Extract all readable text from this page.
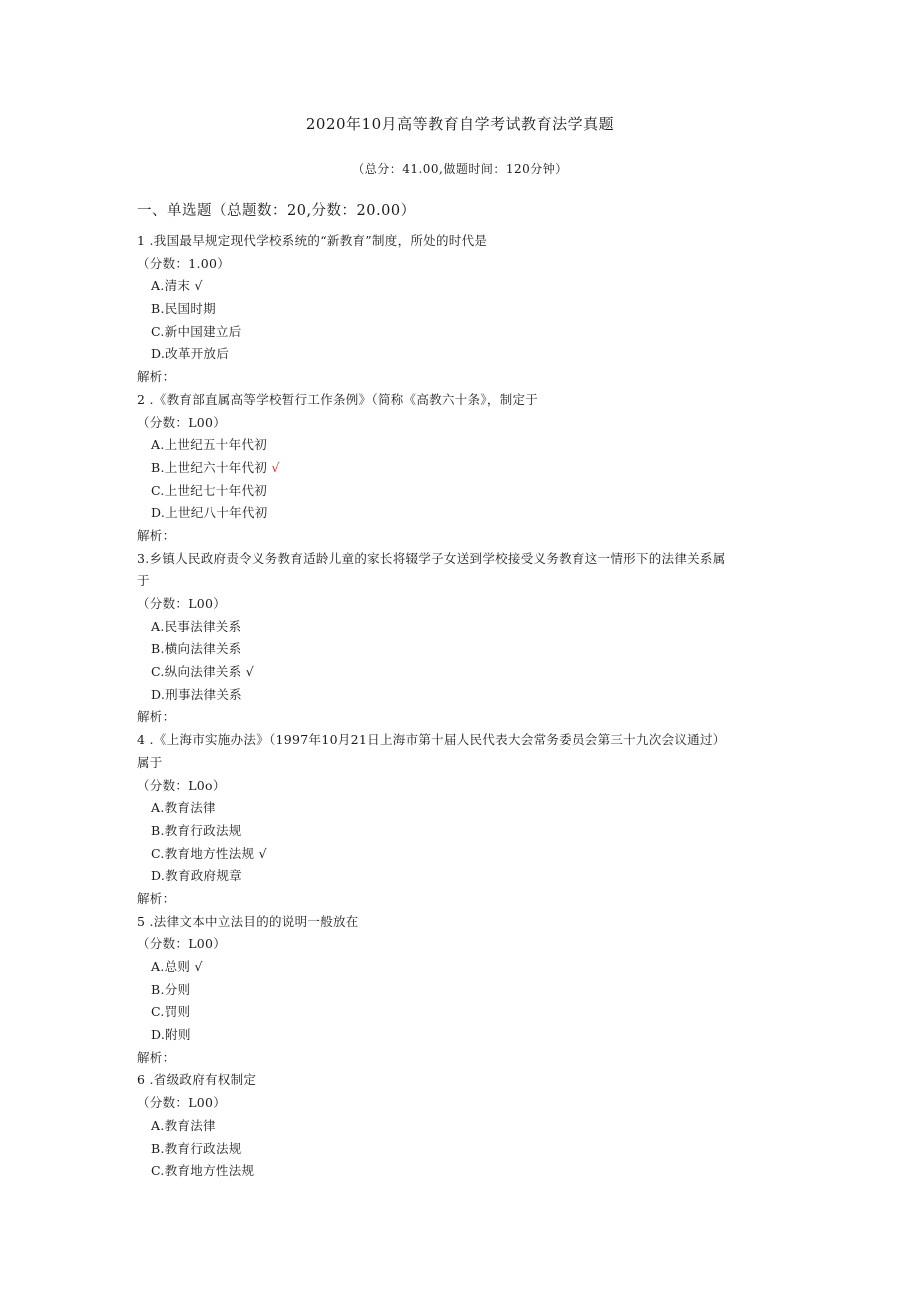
2020年10月高等教育自学考试教育法学真题
（总分：41.00,做题时间：120分钟）
一、单选题（总题数：20,分数：20.00）
1 .我国最早规定现代学校系统的“新教育”制度，所处的时代是
（分数：1.00）
A.清末 √
B.民国时期
C.新中国建立后
D.改革开放后
解析：
2 .《教育部直属高等学校暂行工作条例》（简称《高教六十条》，制定于
（分数：L00）
A.上世纪五十年代初
B.上世纪六十年代初 √
C.上世纪七十年代初
D.上世纪八十年代初
解析：
3.乡镇人民政府责令义务教育适龄儿童的家长将辍学子女送到学校接受义务教育这一情形下的法律关系属
于
（分数：L00）
A.民事法律关系
B.横向法律关系
C.纵向法律关系 √
D.刑事法律关系
解析：
4 .《上海市实施办法》（1997年10月21日上海市第十届人民代表大会常务委员会第三十九次会议通过）
属于
（分数：L0o）
A.教育法律
B.教育行政法规
C.教育地方性法规 √
D.教育政府规章
解析：
5 .法律文本中立法目的的说明一般放在
（分数：L00）
A.总则 √
B.分则
C.罚则
D.附则
解析：
6 .省级政府有权制定
（分数：L00）
A.教育法律
B.教育行政法规
C.教育地方性法规
